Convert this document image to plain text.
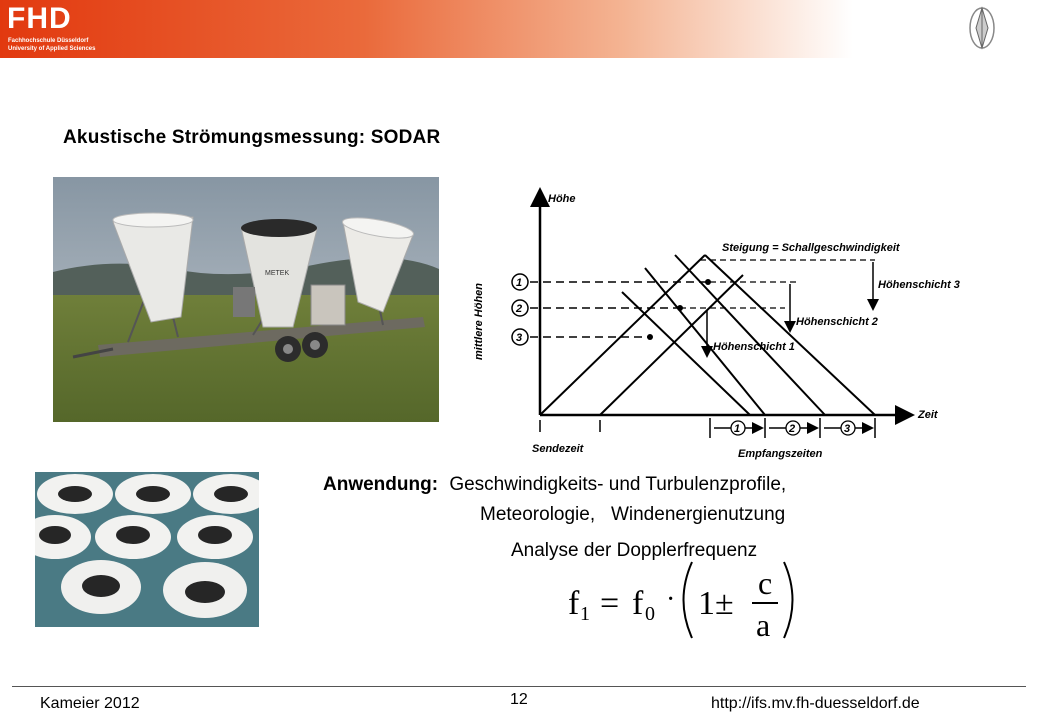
FHD
Fachhochschule Düsseldorf
University of Applied Sciences
Akustische Strömungsmessung: SODAR
METEK
Höhe
Zeit
mittlere Höhen	1
2
3
Steigung = Schallgeschwindigkeit
Höhenschicht 3
Höhenschicht 2
Höhenschicht 1
1	2	3
Sendezeit	Empfangszeiten
Anwendung: Geschwindigkeits- und Turbulenzprofile,
Meteorologie,   Windenergienutzung
Analyse der Dopplerfrequenz
f 1 = f 0 · 1±
c
a
Kameier 2012	12	http://ifs.mv.fh-duesseldorf.de
